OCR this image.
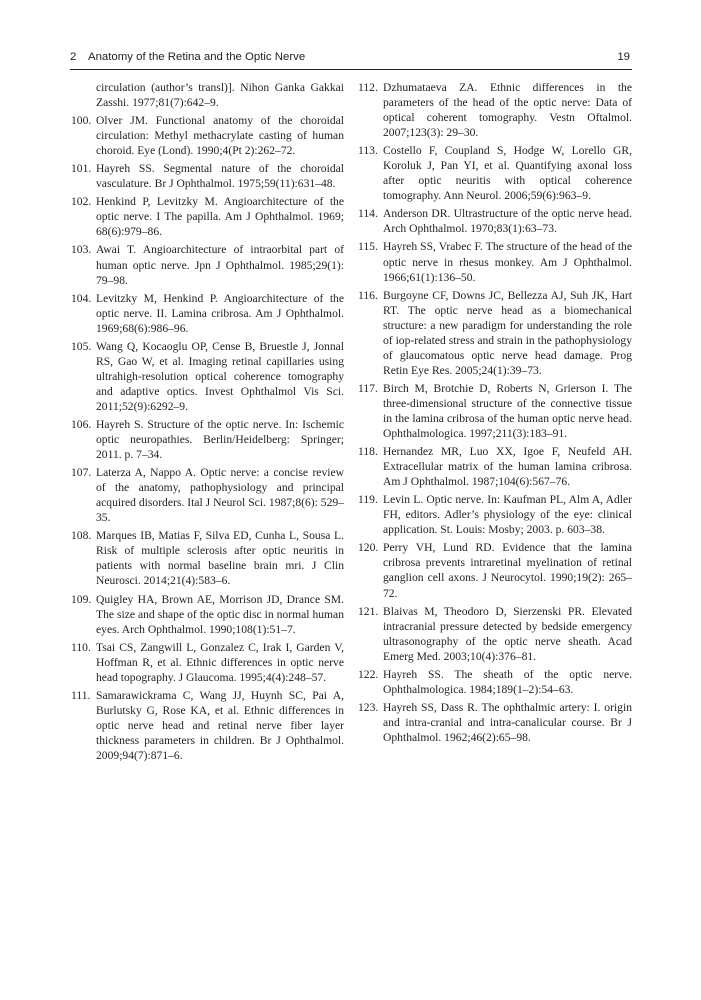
2 Anatomy of the Retina and the Optic Nerve	19
circulation (author’s transl)]. Nihon Ganka Gakkai Zasshi. 1977;81(7):642–9.
100. Olver JM. Functional anatomy of the choroidal circulation: Methyl methacrylate casting of human choroid. Eye (Lond). 1990;4(Pt 2):262–72.
101. Hayreh SS. Segmental nature of the choroidal vasculature. Br J Ophthalmol. 1975;59(11):631–48.
102. Henkind P, Levitzky M. Angioarchitecture of the optic nerve. I The papilla. Am J Ophthalmol. 1969; 68(6):979–86.
103. Awai T. Angioarchitecture of intraorbital part of human optic nerve. Jpn J Ophthalmol. 1985;29(1): 79–98.
104. Levitzky M, Henkind P. Angioarchitecture of the optic nerve. II. Lamina cribrosa. Am J Ophthalmol. 1969;68(6):986–96.
105. Wang Q, Kocaoglu OP, Cense B, Bruestle J, Jonnal RS, Gao W, et al. Imaging retinal capillaries using ultrahigh-resolution optical coherence tomography and adaptive optics. Invest Ophthalmol Vis Sci. 2011;52(9):6292–9.
106. Hayreh S. Structure of the optic nerve. In: Ischemic optic neuropathies. Berlin/Heidelberg: Springer; 2011. p. 7–34.
107. Laterza A, Nappo A. Optic nerve: a concise review of the anatomy, pathophysiology and principal acquired disorders. Ital J Neurol Sci. 1987;8(6): 529–35.
108. Marques IB, Matias F, Silva ED, Cunha L, Sousa L. Risk of multiple sclerosis after optic neuritis in patients with normal baseline brain mri. J Clin Neurosci. 2014;21(4):583–6.
109. Quigley HA, Brown AE, Morrison JD, Drance SM. The size and shape of the optic disc in normal human eyes. Arch Ophthalmol. 1990;108(1):51–7.
110. Tsai CS, Zangwill L, Gonzalez C, Irak I, Garden V, Hoffman R, et al. Ethnic differences in optic nerve head topography. J Glaucoma. 1995;4(4):248–57.
111. Samarawickrama C, Wang JJ, Huynh SC, Pai A, Burlutsky G, Rose KA, et al. Ethnic differences in optic nerve head and retinal nerve fiber layer thickness parameters in children. Br J Ophthalmol. 2009;94(7):871–6.
112. Dzhumataeva ZA. Ethnic differences in the parameters of the head of the optic nerve: Data of optical coherent tomography. Vestn Oftalmol. 2007;123(3): 29–30.
113. Costello F, Coupland S, Hodge W, Lorello GR, Koroluk J, Pan YI, et al. Quantifying axonal loss after optic neuritis with optical coherence tomography. Ann Neurol. 2006;59(6):963–9.
114. Anderson DR. Ultrastructure of the optic nerve head. Arch Ophthalmol. 1970;83(1):63–73.
115. Hayreh SS, Vrabec F. The structure of the head of the optic nerve in rhesus monkey. Am J Ophthalmol. 1966;61(1):136–50.
116. Burgoyne CF, Downs JC, Bellezza AJ, Suh JK, Hart RT. The optic nerve head as a biomechanical structure: a new paradigm for understanding the role of iop-related stress and strain in the pathophysiology of glaucomatous optic nerve head damage. Prog Retin Eye Res. 2005;24(1):39–73.
117. Birch M, Brotchie D, Roberts N, Grierson I. The three-dimensional structure of the connective tissue in the lamina cribrosa of the human optic nerve head. Ophthalmologica. 1997;211(3):183–91.
118. Hernandez MR, Luo XX, Igoe F, Neufeld AH. Extracellular matrix of the human lamina cribrosa. Am J Ophthalmol. 1987;104(6):567–76.
119. Levin L. Optic nerve. In: Kaufman PL, Alm A, Adler FH, editors. Adler’s physiology of the eye: clinical application. St. Louis: Mosby; 2003. p. 603–38.
120. Perry VH, Lund RD. Evidence that the lamina cribrosa prevents intraretinal myelination of retinal ganglion cell axons. J Neurocytol. 1990;19(2): 265–72.
121. Blaivas M, Theodoro D, Sierzenski PR. Elevated intracranial pressure detected by bedside emergency ultrasonography of the optic nerve sheath. Acad Emerg Med. 2003;10(4):376–81.
122. Hayreh SS. The sheath of the optic nerve. Ophthalmologica. 1984;189(1–2):54–63.
123. Hayreh SS, Dass R. The ophthalmic artery: I. origin and intra-cranial and intra-canalicular course. Br J Ophthalmol. 1962;46(2):65–98.
